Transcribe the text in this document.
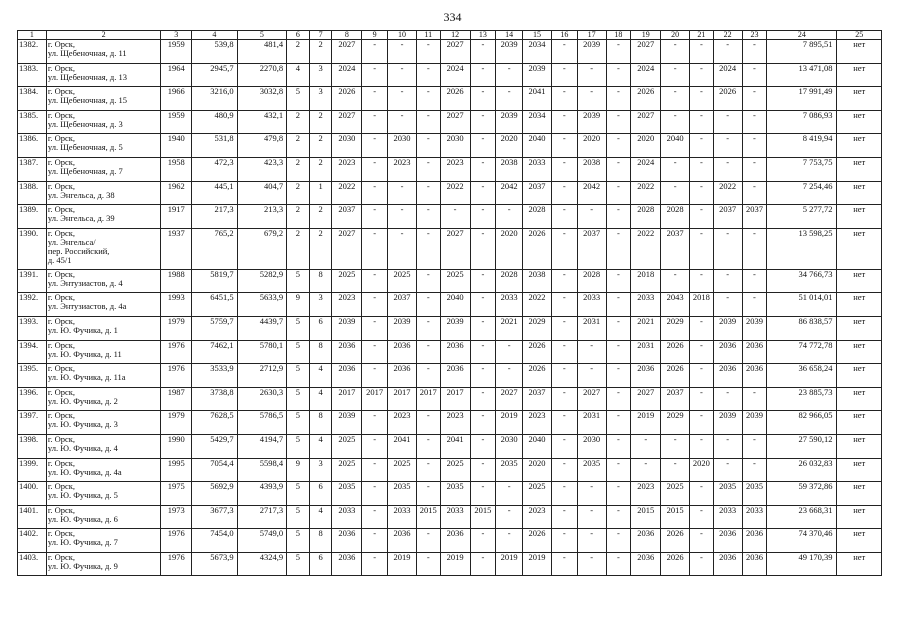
334
1	2	3	4	5	6	7	8	9	10	11	12	13	14	15	16	17	18	19	20	21	22	23	24	25
1382.	г. Орск,
ул. Щебеночная, д. 11	1959	539,8	481,4	2	2	2027	-	-	-	2027	-	2039	2034	-	2039	-	2027	-	-	-	-	7 895,51	нет
1383.	г. Орск,
ул. Щебеночная, д. 13	1964	2945,7	2270,8	4	3	2024	-	-	-	2024	-	-	2039	-	-	-	2024	-	-	2024	-	13 471,08	нет
1384.	г. Орск,
ул. Щебеночная, д. 15	1966	3216,0	3032,8	5	3	2026	-	-	-	2026	-	-	2041	-	-	-	2026	-	-	2026	-	17 991,49	нет
1385.	г. Орск,
ул. Щебеночная, д. 3	1959	480,9	432,1	2	2	2027	-	-	-	2027	-	2039	2034	-	2039	-	2027	-	-	-	-	7 086,93	нет
1386.	г. Орск,
ул. Щебеночная, д. 5	1940	531,8	479,8	2	2	2030	-	2030	-	2030	-	2020	2040	-	2020	-	2020	2040	-	-	-	8 419,94	нет
1387.	г. Орск,
ул. Щебеночная, д. 7	1958	472,3	423,3	2	2	2023	-	2023	-	2023	-	2038	2033	-	2038	-	2024	-	-	-	-	7 753,75	нет
1388.	г. Орск,
ул. Энгельса, д. 38	1962	445,1	404,7	2	1	2022	-	-	-	2022	-	2042	2037	-	2042	-	2022	-	-	2022	-	7 254,46	нет
1389.	г. Орск,
ул. Энгельса, д. 39	1917	217,3	213,3	2	2	2037	-	-	-	-	-	-	2028	-	-	-	2028	2028	-	2037	2037	5 277,72	нет
1390.	г. Орск,
ул. Энгельса/
пер. Российский,
д. 45/1	1937	765,2	679,2	2	2	2027	-	-	-	2027	-	2020	2026	-	2037	-	2022	2037	-	-	-	13 598,25	нет
1391.	г. Орск,
ул. Энтузиастов, д. 4	1988	5819,7	5282,9	5	8	2025	-	2025	-	2025	-	2028	2038	-	2028	-	2018	-	-	-	-	34 766,73	нет
1392.	г. Орск,
ул. Энтузиастов, д. 4а	1993	6451,5	5633,9	9	3	2023	-	2037	-	2040	-	2033	2022	-	2033	-	2033	2043	2018	-	-	51 014,01	нет
1393.	г. Орск,
ул. Ю. Фучика, д. 1	1979	5759,7	4439,7	5	6	2039	-	2039	-	2039	-	2021	2029	-	2031	-	2021	2029	-	2039	2039	86 838,57	нет
1394.	г. Орск,
ул. Ю. Фучика, д. 11	1976	7462,1	5780,1	5	8	2036	-	2036	-	2036	-	-	2026	-	-	-	2031	2026	-	2036	2036	74 772,78	нет
1395.	г. Орск,
ул. Ю. Фучика, д. 11а	1976	3533,9	2712,9	5	4	2036	-	2036	-	2036	-	-	2026	-	-	-	2036	2026	-	2036	2036	36 658,24	нет
1396.	г. Орск,
ул. Ю. Фучика, д. 2	1987	3738,8	2630,3	5	4	2017	2017	2017	2017	2017	-	2027	2037	-	2027	-	2027	2037	-	-	-	23 885,73	нет
1397.	г. Орск,
ул. Ю. Фучика, д. 3	1979	7628,5	5786,5	5	8	2039	-	2023	-	2023	-	2019	2023	-	2031	-	2019	2029	-	2039	2039	82 966,05	нет
1398.	г. Орск,
ул. Ю. Фучика, д. 4	1990	5429,7	4194,7	5	4	2025	-	2041	-	2041	-	2030	2040	-	2030	-	-	-	-	-	-	27 590,12	нет
1399.	г. Орск,
ул. Ю. Фучика, д. 4а	1995	7054,4	5598,4	9	3	2025	-	2025	-	2025	-	2035	2020	-	2035	-	-	-	2020	-	-	26 032,83	нет
1400.	г. Орск,
ул. Ю. Фучика, д. 5	1975	5692,9	4393,9	5	6	2035	-	2035	-	2035	-	-	2025	-	-	-	2023	2025	-	2035	2035	59 372,86	нет
1401.	г. Орск,
ул. Ю. Фучика, д. 6	1973	3677,3	2717,3	5	4	2033	-	2033	2015	2033	2015	-	2023	-	-	-	2015	2015	-	2033	2033	23 668,31	нет
1402.	г. Орск,
ул. Ю. Фучика, д. 7	1976	7454,0	5749,0	5	8	2036	-	2036	-	2036	-	-	2026	-	-	-	2036	2026	-	2036	2036	74 370,46	нет
1403.	г. Орск,
ул. Ю. Фучика, д. 9	1976	5673,9	4324,9	5	6	2036	-	2019	-	2019	-	2019	2019	-	-	-	2036	2026	-	2036	2036	49 170,39	нет
